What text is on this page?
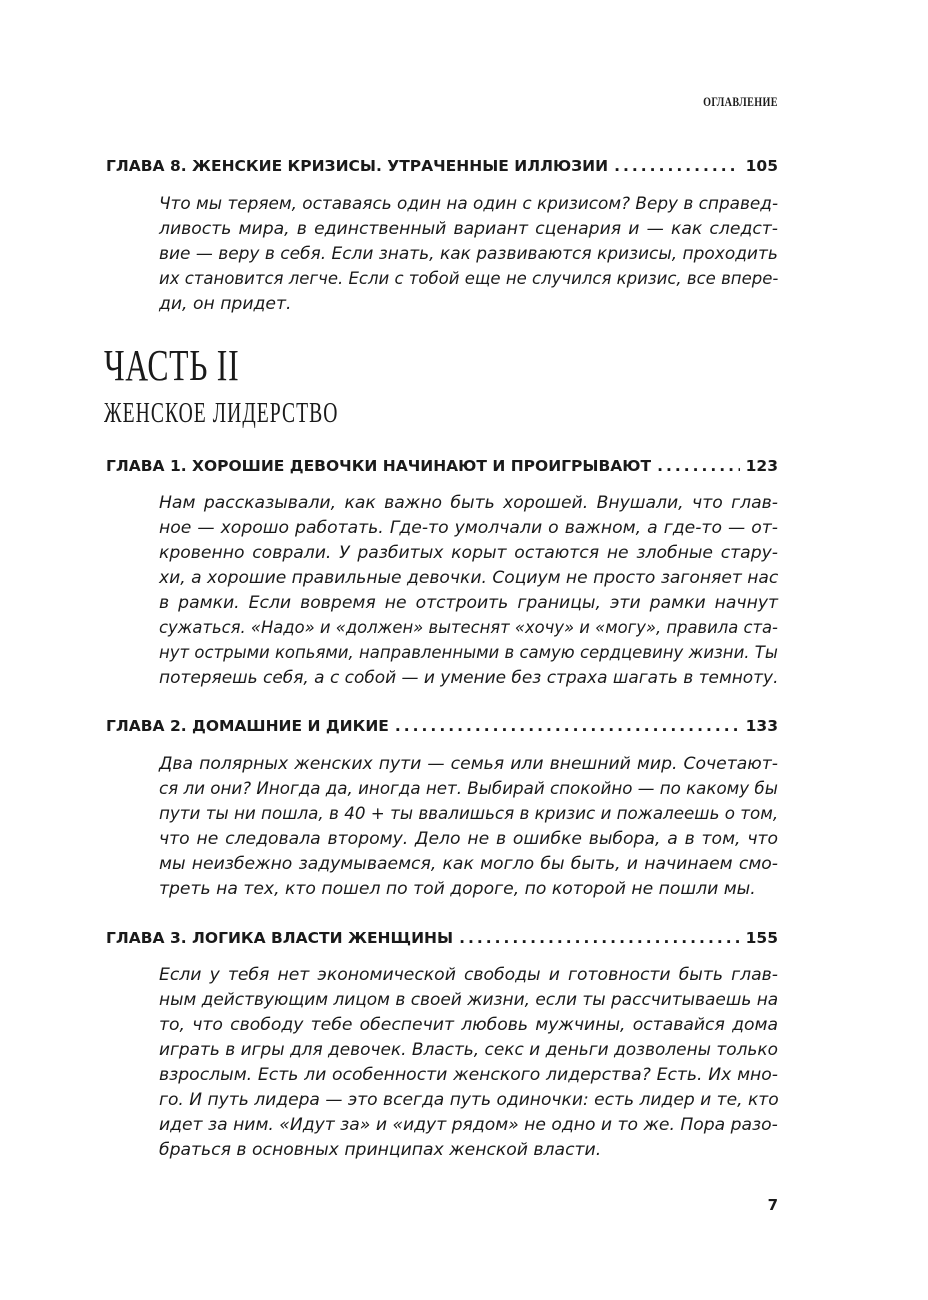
ОГЛАВЛЕНИЕ
ГЛАВА 8. ЖЕНСКИЕ КРИЗИСЫ. УТРАЧЕННЫЕ ИЛЛЮЗИИ .....	105
Что мы теряем, оставаясь один на один с кризисом? Веру в справед-
ливость мира, в единственный вариант сценария и — как следст-
вие — веру в себя. Если знать, как развиваются кризисы, проходить
их становится легче. Если с тобой еще не случился кризис, все впере-
ди, он придет.
ЧАСТЬ II
ЖЕНСКОЕ ЛИДЕРСТВО
ГЛАВА 1. ХОРОШИЕ ДЕВОЧКИ НАЧИНАЮТ И ПРОИГРЫВАЮТ .....	123
Нам рассказывали, как важно быть хорошей. Внушали, что глав-
ное — хорошо работать. Где-то умолчали о важном, а где-то — от-
кровенно соврали. У разбитых корыт остаются не злобные стару-
хи, а хорошие правильные девочки. Социум не просто загоняет нас
в рамки. Если вовремя не отстроить границы, эти рамки начнут
сужаться. «Надо» и «должен» вытеснят «хочу» и «могу», правила ста-
нут острыми копьями, направленными в самую сердцевину жизни. Ты
потеряешь себя, а с собой — и умение без страха шагать в темноту.
ГЛАВА 2. ДОМАШНИЕ И ДИКИЕ .....	133
Два полярных женских пути — семья или внешний мир. Сочетают-
ся ли они? Иногда да, иногда нет. Выбирай спокойно — по какому бы
пути ты ни пошла, в 40 + ты ввалишься в кризис и пожалеешь о том,
что не следовала второму. Дело не в ошибке выбора, а в том, что
мы неизбежно задумываемся, как могло бы быть, и начинаем смо-
треть на тех, кто пошел по той дороге, по которой не пошли мы.
ГЛАВА 3. ЛОГИКА ВЛАСТИ ЖЕНЩИНЫ .....	155
Если у тебя нет экономической свободы и готовности быть глав-
ным действующим лицом в своей жизни, если ты рассчитываешь на
то, что свободу тебе обеспечит любовь мужчины, оставайся дома
играть в игры для девочек. Власть, секс и деньги дозволены только
взрослым. Есть ли особенности женского лидерства? Есть. Их мно-
го. И путь лидера — это всегда путь одиночки: есть лидер и те, кто
идет за ним. «Идут за» и «идут рядом» не одно и то же. Пора разо-
браться в основных принципах женской власти.
7
